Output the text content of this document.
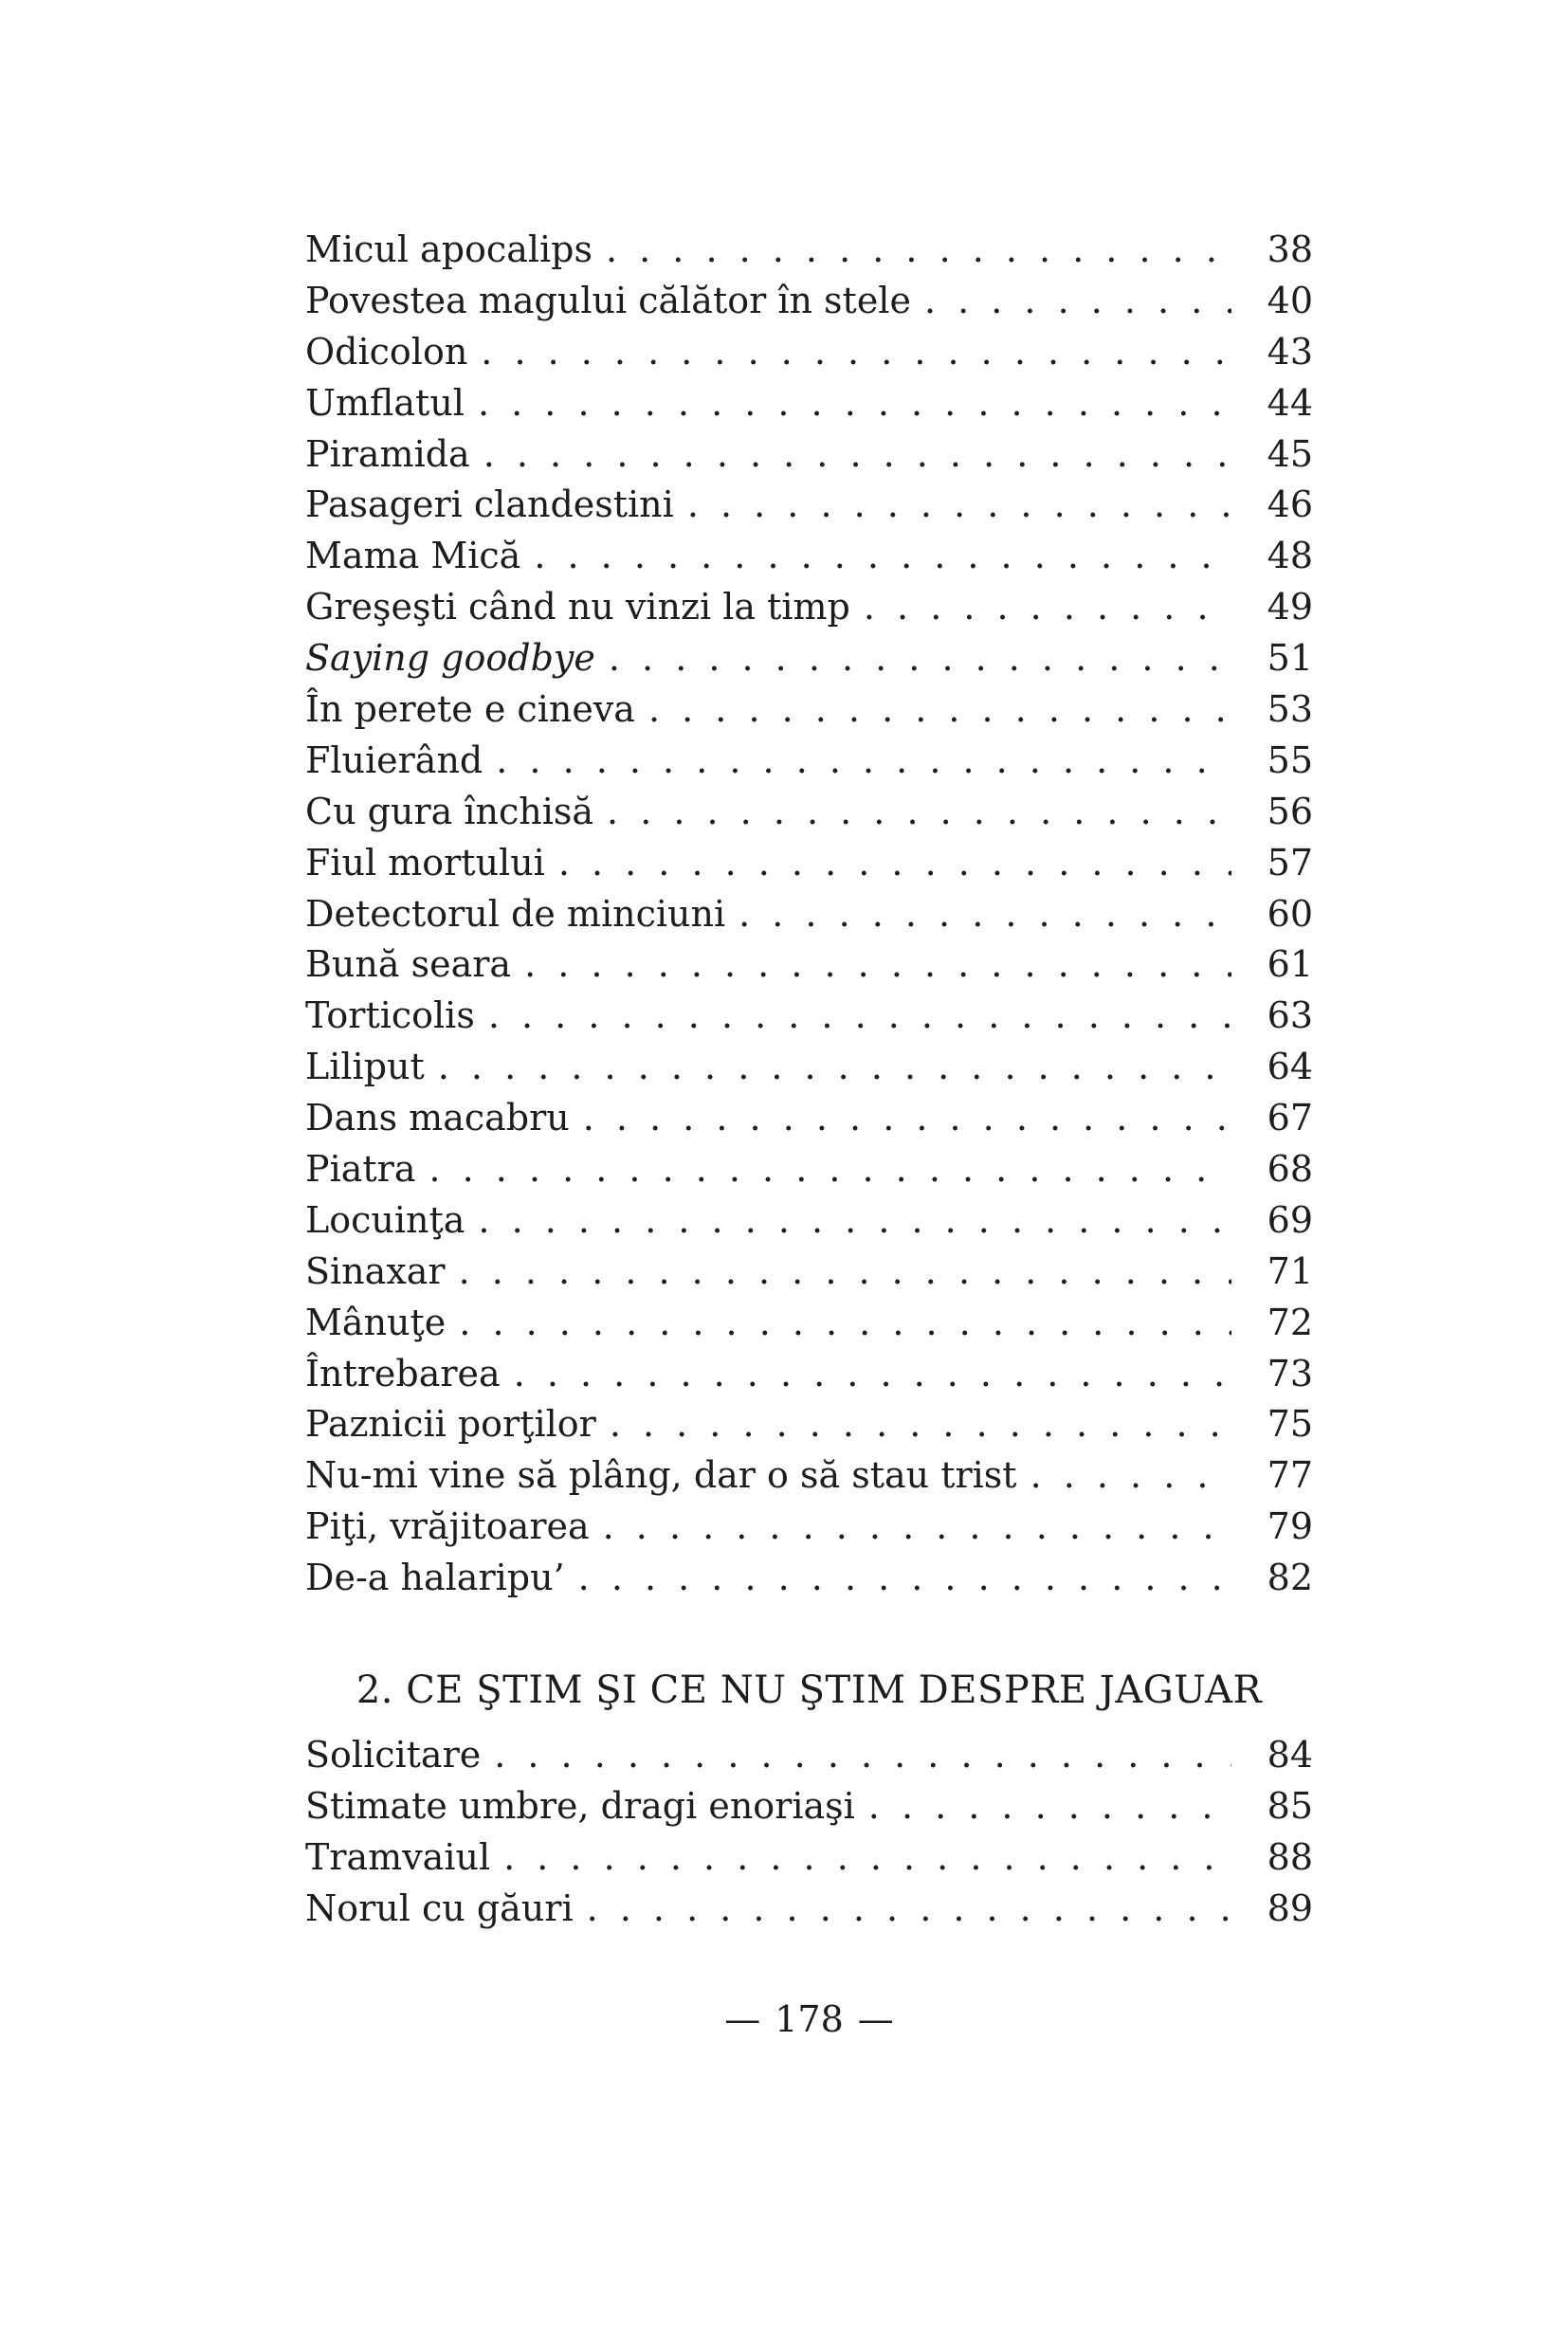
Micul apocalips . . .	38
Povestea magului călător în stele . . .	40
Odicolon . . .	43
Umflatul . . .	44
Piramida . . .	45
Pasageri clandestini . . .	46
Mama Mică . . .	48
Greşeşti când nu vinzi la timp . . .	49
Saying goodbye . . .	51
În perete e cineva . . .	53
Fluierând . . .	55
Cu gura închisă . . .	56
Fiul mortului . . .	57
Detectorul de minciuni . . .	60
Bună seara . . .	61
Torticolis . . .	63
Liliput . . .	64
Dans macabru . . .	67
Piatra . . .	68
Locuinţa . . .	69
Sinaxar . . .	71
Mânuţe . . .	72
Întrebarea . . .	73
Paznicii porţilor . . .	75
Nu-mi vine să plâng, dar o să stau trist . . .	77
Piţi, vrăjitoarea . . .	79
De-a halaripu’ . . .	82
2. CE ŞTIM ŞI CE NU ŞTIM DESPRE JAGUAR
Solicitare . . .	84
Stimate umbre, dragi enoriaşi . . .	85
Tramvaiul . . .	88
Norul cu găuri . . .	89
— 178 —
